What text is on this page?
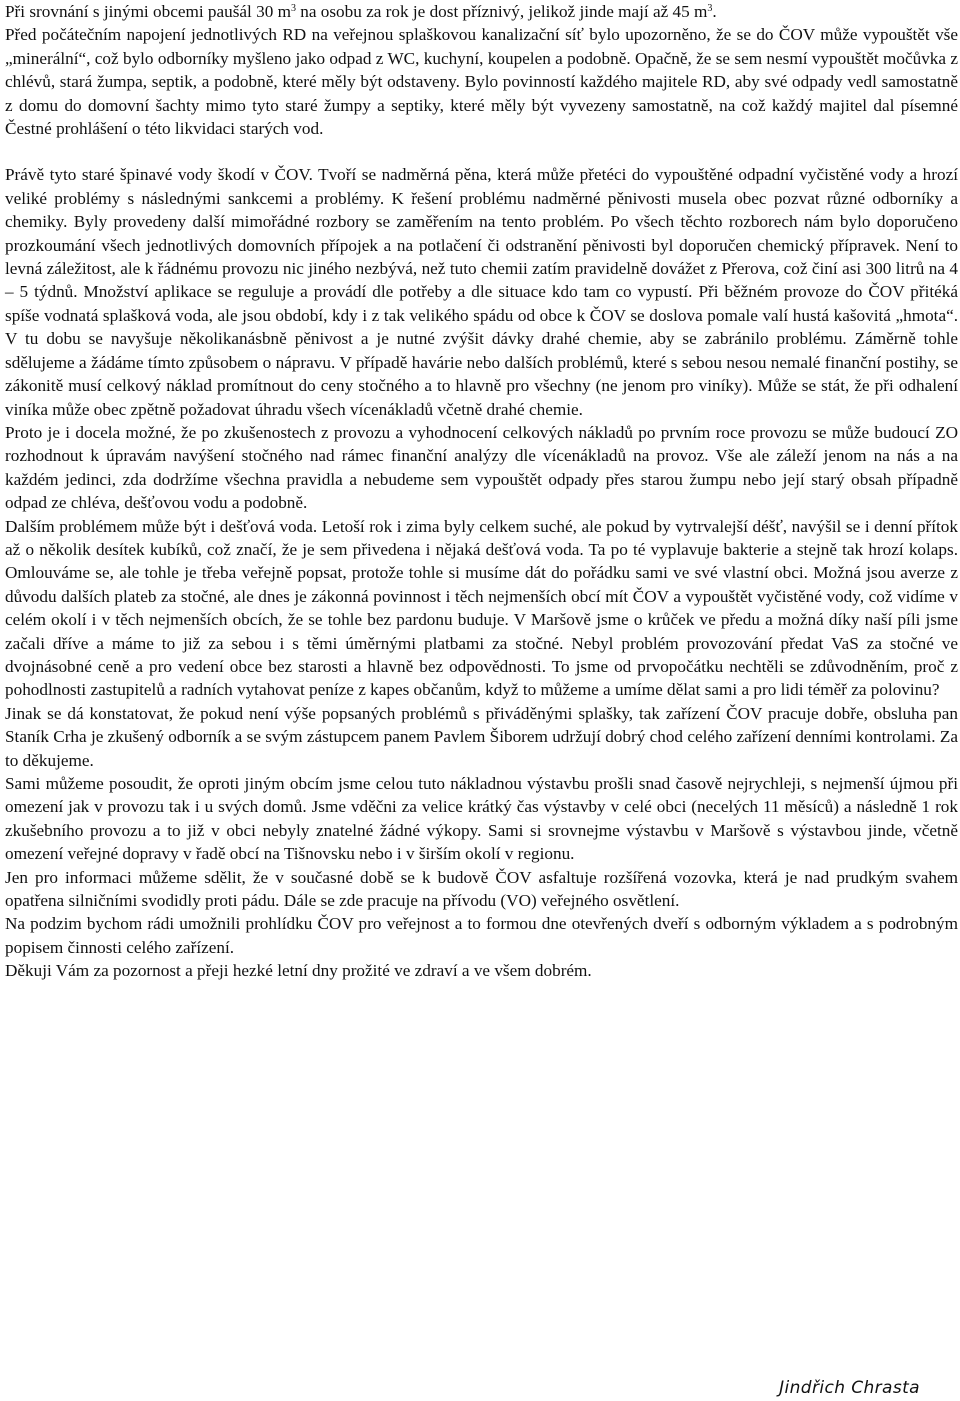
Při srovnání s jinými obcemi paušál 30 $m^3$ na osobu za rok je dost příznivý, jelikož jinde mají až 45 $m^3$.
Před počátečním napojení jednotlivých RD na veřejnou splaškovou kanalizační síť bylo upozorněno, že se do ČOV může vypouštět vše „minerální“, což bylo odborníky myšleno jako odpad z WC, kuchyní, koupelen a podobně. Opačně, že se sem nesmí vypouštět močůvka z chlévů, stará žumpa, septik, a podobně, které měly být odstaveny. Bylo povinností každého majitele RD, aby své odpady vedl samostatně z domu do domovní šachty mimo tyto staré žumpy a septiky, které měly být vyvezeny samostatně, na což každý majitel dal písemné Čestné prohlášení o této likvidaci starých vod.

Právě tyto staré špinavé vody škodí v ČOV. Tvoří se nadměrná pěna, která může přetéci do vypouštěné odpadní vyčistěné vody a hrozí veliké problémy s následnými sankcemi a problémy. K řešení problému nadměrné pěnivosti musela obec pozvat různé odborníky a chemiky. Byly provedeny další mimořádné rozbory se zaměřením na tento problém. Po všech těchto rozborech nám bylo doporučeno prozkoumání všech jednotlivých domovních přípojek a na potlačení či odstranění pěnivosti byl doporučen chemický přípravek. Není to levná záležitost, ale k řádnému provozu nic jiného nezbývá, než tuto chemii zatím pravidelně dovážet z Přerova, což činí asi 300 litrů na 4 – 5 týdnů. Množství aplikace se reguluje a provádí dle potřeby a dle situace kdo tam co vypustí. Při běžném provoze do ČOV přitéká spíše vodnatá splašková voda, ale jsou období, kdy i z tak velikého spádu od obce k ČOV se doslova pomale valí hustá kašovitá „hmota“. V tu dobu se navyšuje několikanásbně pěnivost a je nutné zvýšit dávky drahé chemie, aby se zabránilo problému. Záměrně tohle sdělujeme a žádáme tímto způsobem o nápravu. V případě havárie nebo dalších problémů, které s sebou nesou nemalé finanční postihy, se zákonitě musí celkový náklad promítnout do ceny stočného a to hlavně pro všechny (ne jenom pro viníky). Může se stát, že při odhalení viníka může obec zpětně požadovat úhradu všech vícenákladů včetně drahé chemie.

Proto je i docela možné, že po zkušenostech z provozu a vyhodnocení celkových nákladů po prvním roce provozu se může budoucí ZO rozhodnout k úpravám navýšení stočného nad rámec finanční analýzy dle vícenákladů na provoz. Vše ale záleží jenom na nás a na každém jedinci, zda dodržíme všechna pravidla a nebudeme sem vypouštět odpady přes starou žumpu nebo její starý obsah případně odpad ze chléva, dešťovou vodu a podobně.

Dalším problémem může být i dešťová voda. Letoší rok i zima byly celkem suché, ale pokud by vytrvalejší déšť, navýšil se i denní přítok až o několik desítek kubíků, což značí, že je sem přivedena i nějaká dešťová voda. Ta po té vyplavuje bakterie a stejně tak hrozí kolaps. Omlouváme se, ale tohle je třeba veřejně popsat, protože tohle si musíme dát do pořádku sami ve své vlastní obci. Možná jsou averze z důvodu dalších plateb za stočné, ale dnes je zákonná povinnost i těch nejmenších obcí mít ČOV a vypouštět vyčistěné vody, což vidíme v celém okolí i v těch nejmenších obcích, že se tohle bez pardonu buduje. V Maršově jsme o krůček ve předu a možná díky naší píli jsme začali dříve a máme to již za sebou i s těmi úměrnými platbami za stočné. Nebyl problém provozování předat VaS za stočné ve dvojnásobné ceně a pro vedení obce bez starosti a hlavně bez odpovědnosti. To jsme od prvopočátku nechtěli se zdůvodněním, proč z pohodlnosti zastupitelů a radních vytahovat peníze z kapes občanům, když to můžeme a umíme dělat sami a pro lidi téměř za polovinu?

Jinak se dá konstatovat, že pokud není výše popsaných problémů s přiváděnými splašky, tak zařízení ČOV pracuje dobře, obsluha pan Staník Crha je zkušený odborník a se svým zástupcem panem Pavlem Šiborem udržují dobrý chod celého zařízení denními kontrolami. Za to děkujeme.

Sami můžeme posoudit, že oproti jiným obcím jsme celou tuto nákladnou výstavbu prošli snad časově nejrychleji, s nejmenší újmou při omezení jak v provozu tak i u svých domů. Jsme vděčni za velice krátký čas výstavby v celé obci (necelých 11 měsíců) a následně 1 rok zkušebního provozu a to již v obci nebyly znatelné žádné výkopy. Sami si srovnejme výstavbu v Maršově s výstavbou jinde, včetně omezení veřejné dopravy v řadě obcí na Tišnovsku nebo i v širším okolí v regionu.

Jen pro informaci můžeme sdělit, že v současné době se k budově ČOV asfaltuje rozšířená vozovka, která je nad prudkým svahem opatřena silničními svodidly proti pádu. Dále se zde pracuje na přívodu (VO) veřejného osvětlení.

Na podzim bychom rádi umožnili prohlídku ČOV pro veřejnost a to formou dne otevřených dveří s odborným výkladem a s podrobným popisem činnosti celého zařízení.

Děkuji Vám za pozornost a přeji hezké letní dny prožité ve zdraví a ve všem dobrém.

Jindřich Chrasta
